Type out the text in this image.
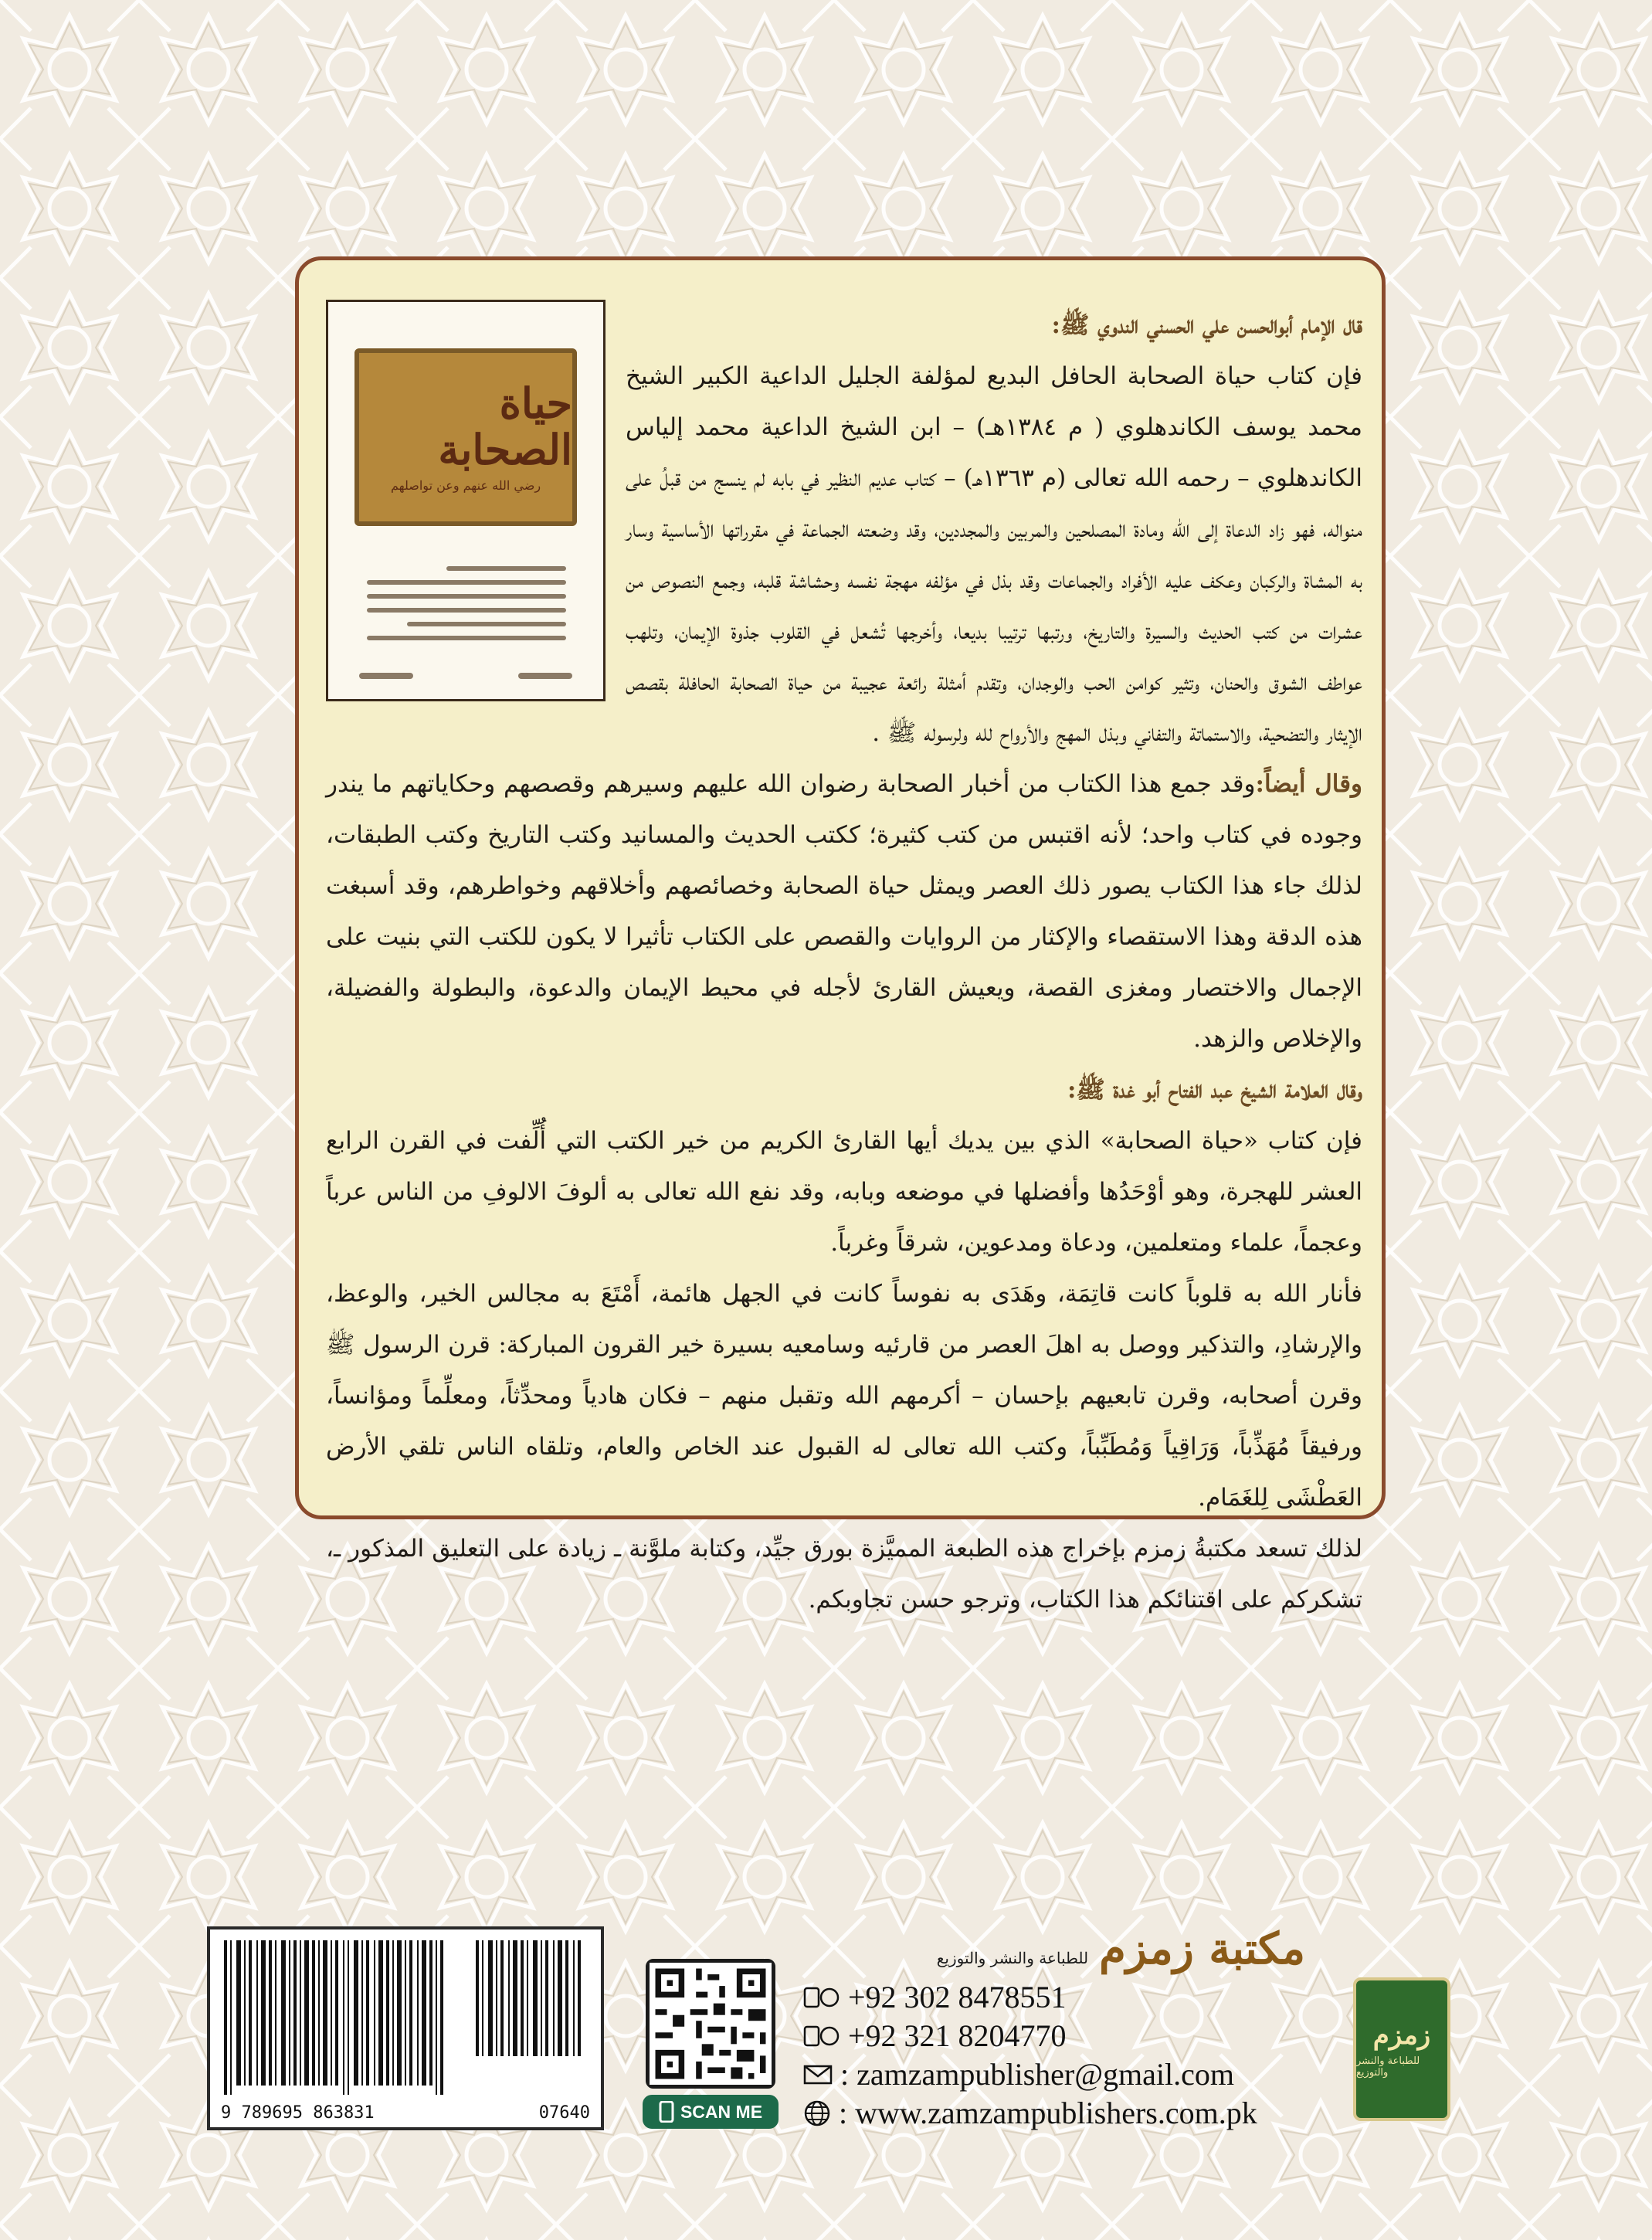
حياة الصحابة
رضي الله عنهم وعن تواصلهم

قال الإمام أبوالحسن علي الحسني الندوي ﷺ:

فإن كتاب حياة الصحابة الحافل البديع لمؤلفة الجليل الداعية الكبير الشيخ محمد يوسف الكاندهلوي ( م ١٣٨٤هـ) – ابن الشيخ الداعية محمد إلياس الكاندهلوي – رحمه الله تعالى (م ١٣٦٣هـ) – كتاب عديم النظير في بابه لم ينسج من قبلُ على منواله، فهو زاد الدعاة إلى الله ومادة المصلحين والمربين والمجددين، وقد وضعته الجماعة في مقرراتها الأساسية وسار به المشاة والركبان وعكف عليه الأفراد والجماعات وقد بذل في مؤلفه مهجة نفسه وحشاشة قلبه، وجمع النصوص من عشرات من كتب الحديث والسيرة والتاريخ، ورتبها ترتيبا بديعا، وأخرجها تُشعل في القلوب جذوة الإيمان، وتلهب عواطف الشوق والحنان، وتثير كوامن الحب والوجدان، وتقدم أمثلة رائعة عجيبة من حياة الصحابة الحافلة بقصص الإيثار والتضحية، والاستماتة والتفاني وبذل المهج والأرواح لله ولرسوله ﷺ .

وقال أيضاً:وقد جمع هذا الكتاب من أخبار الصحابة رضوان الله عليهم وسيرهم وقصصهم وحكاياتهم ما يندر وجوده في كتاب واحد؛ لأنه اقتبس من كتب كثيرة؛ ككتب الحديث والمسانيد وكتب التاريخ وكتب الطبقات، لذلك جاء هذا الكتاب يصور ذلك العصر ويمثل حياة الصحابة وخصائصهم وأخلاقهم وخواطرهم، وقد أسبغت هذه الدقة وهذا الاستقصاء والإكثار من الروايات والقصص على الكتاب تأثيرا لا يكون للكتب التي بنيت على الإجمال والاختصار ومغزى القصة، ويعيش القارئ لأجله في محيط الإيمان والدعوة، والبطولة والفضيلة، والإخلاص والزهد.

وقال العلامة الشيخ عبد الفتاح أبو غدة ﷺ:

فإن كتاب «حياة الصحابة» الذي بين يديك أيها القارئ الكريم من خير الكتب التي أُلِّفت في القرن الرابع العشر للهجرة، وهو أوْحَدُها وأفضلها في موضعه وبابه، وقد نفع الله تعالى به ألوفَ الالوفِ من الناس عرباً وعجماً، علماء ومتعلمين، ودعاة ومدعوين، شرقاً وغرباً.

فأنار الله به قلوباً كانت قاتِمَة، وهَدَى به نفوساً كانت في الجهل هائمة، أَمْتَعَ به مجالس الخير، والوعظ، والإرشادِ، والتذكير ووصل به اهلَ العصر من قارئيه وسامعيه بسيرة خير القرون المباركة: قرن الرسول ﷺ وقرن أصحابه، وقرن تابعيهم بإحسان – أكرمهم الله وتقبل منهم – فكان هادياً ومحدِّثاً، ومعلِّماً ومؤانساً، ورفيقاً مُهَذِّباً، وَرَاقِياً وَمُطَبِّباً، وكتب الله تعالى له القبول عند الخاص والعام، وتلقاه الناس تلقي الأرض العَطْشَى لِلغَمَام.

لذلك تسعد مكتبةُ زمزم بإخراج هذه الطبعة المميَّزة بورق جيِّد، وكتابة ملوَّنة ـ زيادة على التعليق المذكور ـ، تشكركم على اقتنائكم هذا الكتاب، وترجو حسن تجاوبكم.

9 789695 863831	07640	SCAN ME
مكتبة زمزم
للطباعة والنشر والتوزيع
+92 302 8478551
+92 321 8204770
: zamzampublisher@gmail.com
: www.zamzampublishers.com.pk
زمزم
للطباعة والنشر والتوزيع
